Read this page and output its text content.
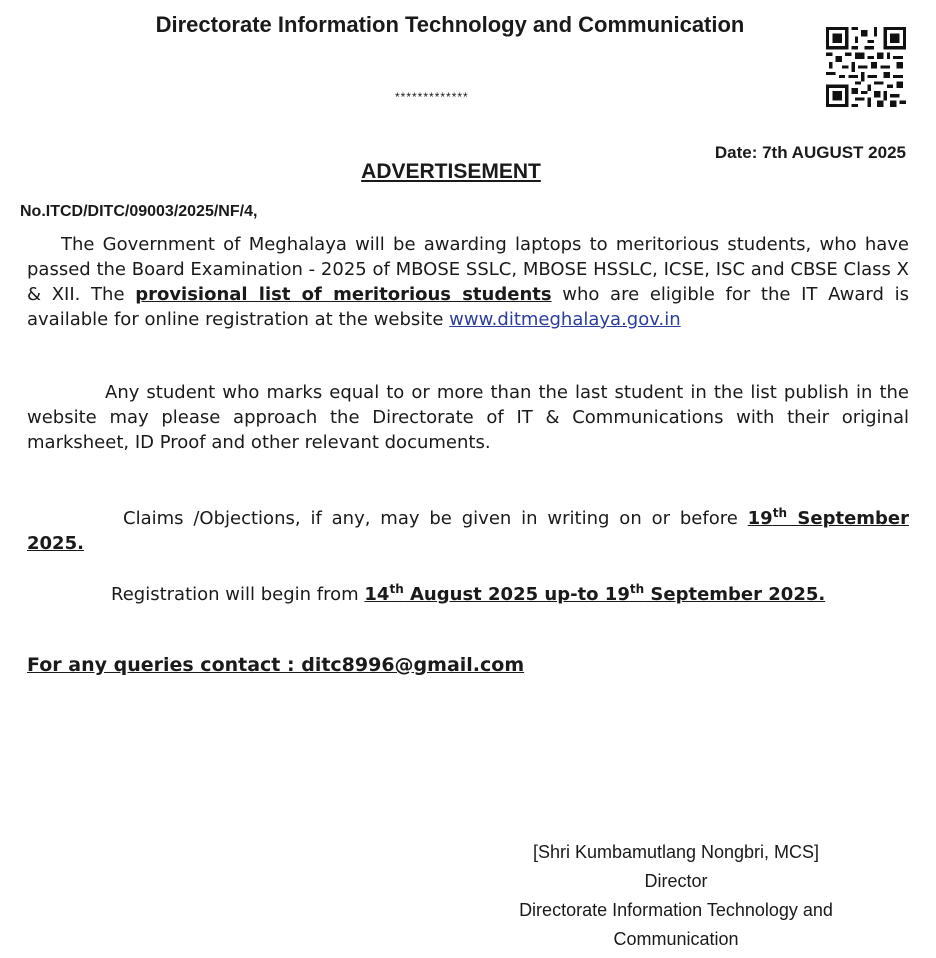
Directorate Information Technology and Communication
*************
Date: 7th AUGUST 2025
ADVERTISEMENT
No.ITCD/DITC/09003/2025/NF/4,

The Government of Meghalaya will be awarding laptops to meritorious students, who have passed the Board Examination - 2025 of MBOSE SSLC, MBOSE HSSLC, ICSE, ISC and CBSE Class X & XII. The provisional list of meritorious students who are eligible for the IT Award is available for online registration at the website www.ditmeghalaya.gov.in

Any student who marks equal to or more than the last student in the list publish in the website may please approach the Directorate of IT & Communications with their original marksheet, ID Proof and other relevant documents.

Claims /Objections, if any, may be given in writing on or before 19th September 2025.

Registration will begin from 14th August 2025 up-to 19th September 2025.

For any queries contact : ditc8996@gmail.com
[Shri Kumbamutlang Nongbri, MCS]
Director
Directorate Information Technology and Communication
